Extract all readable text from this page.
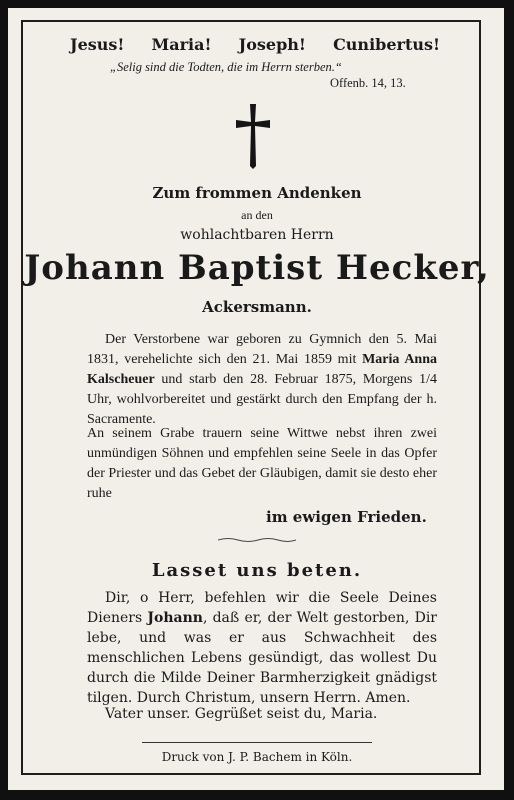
Jesus! Maria! Joseph! Cunibertus!
„Selig sind die Todten, die im Herrn sterben.“
Offenb. 14, 13.
Zum frommen Andenken
an den
wohlachtbaren Herrn
Johann Baptist Hecker,
Ackersmann.
Der Verstorbene war geboren zu Gymnich den 5. Mai 1831, verehelichte sich den 21. Mai 1859 mit Maria Anna Kalscheuer und starb den 28. Februar 1875, Morgens 1/4 Uhr, wohlvorbereitet und gestärkt durch den Empfang der h. Sacramente.
An seinem Grabe trauern seine Wittwe nebst ihren zwei unmündigen Söhnen und empfehlen seine Seele in das Opfer der Priester und das Gebet der Gläubigen, damit sie desto eher ruhe
im ewigen Frieden.
Lasset uns beten.
Dir, o Herr, befehlen wir die Seele Deines Dieners Johann, daß er, der Welt gestorben, Dir lebe, und was er aus Schwachheit des menschlichen Lebens gesündigt, das wollest Du durch die Milde Deiner Barmherzigkeit gnädigst tilgen. Durch Christum, unsern Herrn. Amen.
Vater unser. Gegrüßet seist du, Maria.
Druck von J. P. Bachem in Köln.
